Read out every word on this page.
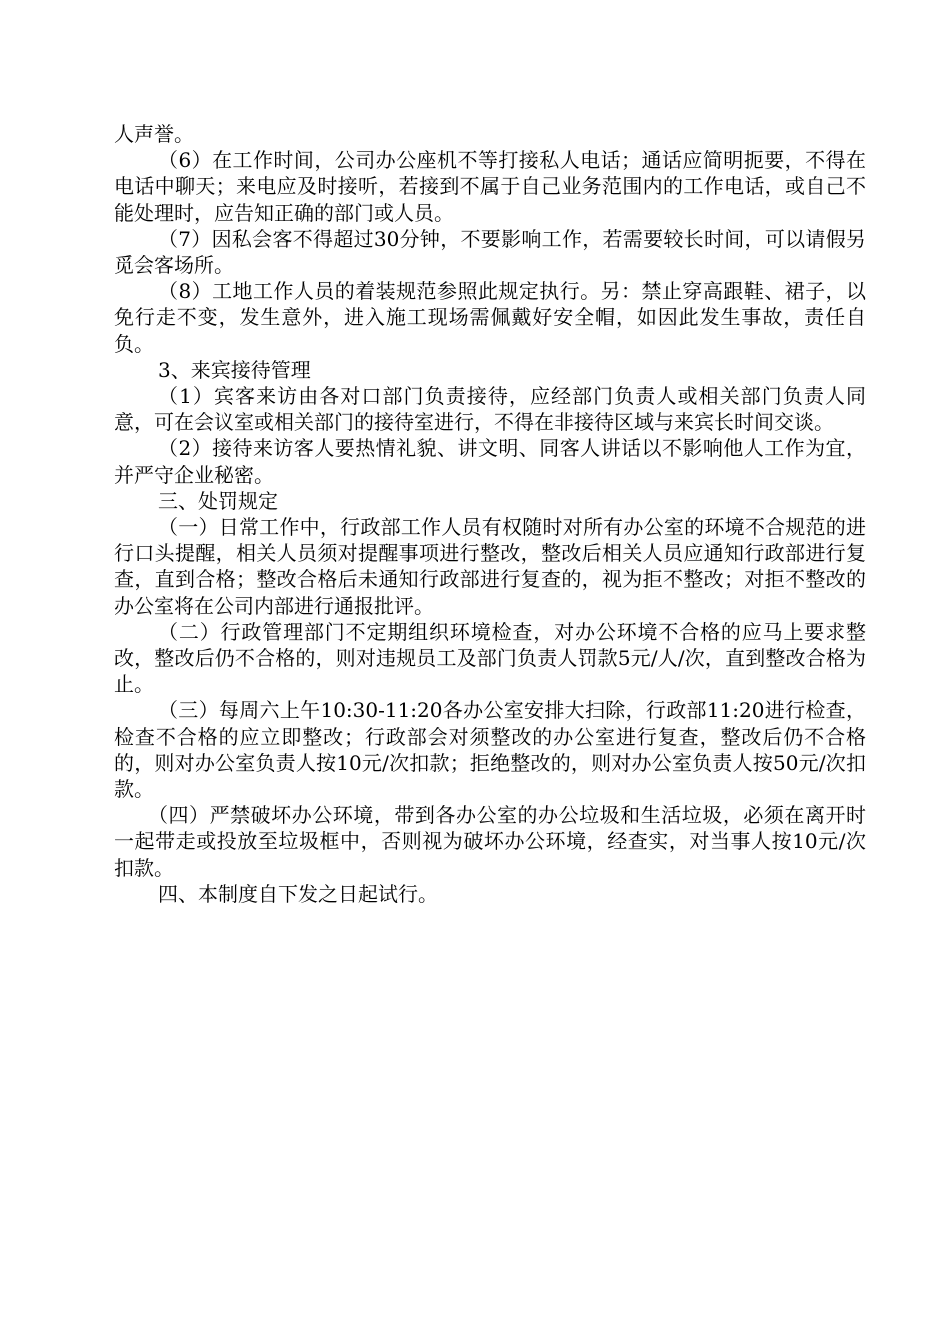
人声誉。

（6）在工作时间，公司办公座机不等打接私人电话；通话应简明扼要，不得在电话中聊天；来电应及时接听，若接到不属于自己业务范围内的工作电话，或自己不能处理时，应告知正确的部门或人员。

（7）因私会客不得超过30分钟，不要影响工作，若需要较长时间，可以请假另觅会客场所。

（8）工地工作人员的着装规范参照此规定执行。另：禁止穿高跟鞋、裙子，以免行走不变，发生意外，进入施工现场需佩戴好安全帽，如因此发生事故，责任自负。

3、来宾接待管理

（1）宾客来访由各对口部门负责接待，应经部门负责人或相关部门负责人同意，可在会议室或相关部门的接待室进行，不得在非接待区域与来宾长时间交谈。

（2）接待来访客人要热情礼貌、讲文明、同客人讲话以不影响他人工作为宜，并严守企业秘密。

三、处罚规定

（一）日常工作中，行政部工作人员有权随时对所有办公室的环境不合规范的进行口头提醒，相关人员须对提醒事项进行整改，整改后相关人员应通知行政部进行复查，直到合格；整改合格后未通知行政部进行复查的，视为拒不整改；对拒不整改的办公室将在公司内部进行通报批评。

（二）行政管理部门不定期组织环境检查，对办公环境不合格的应马上要求整改，整改后仍不合格的，则对违规员工及部门负责人罚款5元/人/次，直到整改合格为止。

（三）每周六上午10:30-11:20各办公室安排大扫除，行政部11:20进行检查，检查不合格的应立即整改；行政部会对须整改的办公室进行复查，整改后仍不合格的，则对办公室负责人按10元/次扣款；拒绝整改的，则对办公室负责人按50元/次扣款。

（四）严禁破坏办公环境，带到各办公室的办公垃圾和生活垃圾，必须在离开时一起带走或投放至垃圾框中，否则视为破坏办公环境，经查实，对当事人按10元/次扣款。

四、本制度自下发之日起试行。
